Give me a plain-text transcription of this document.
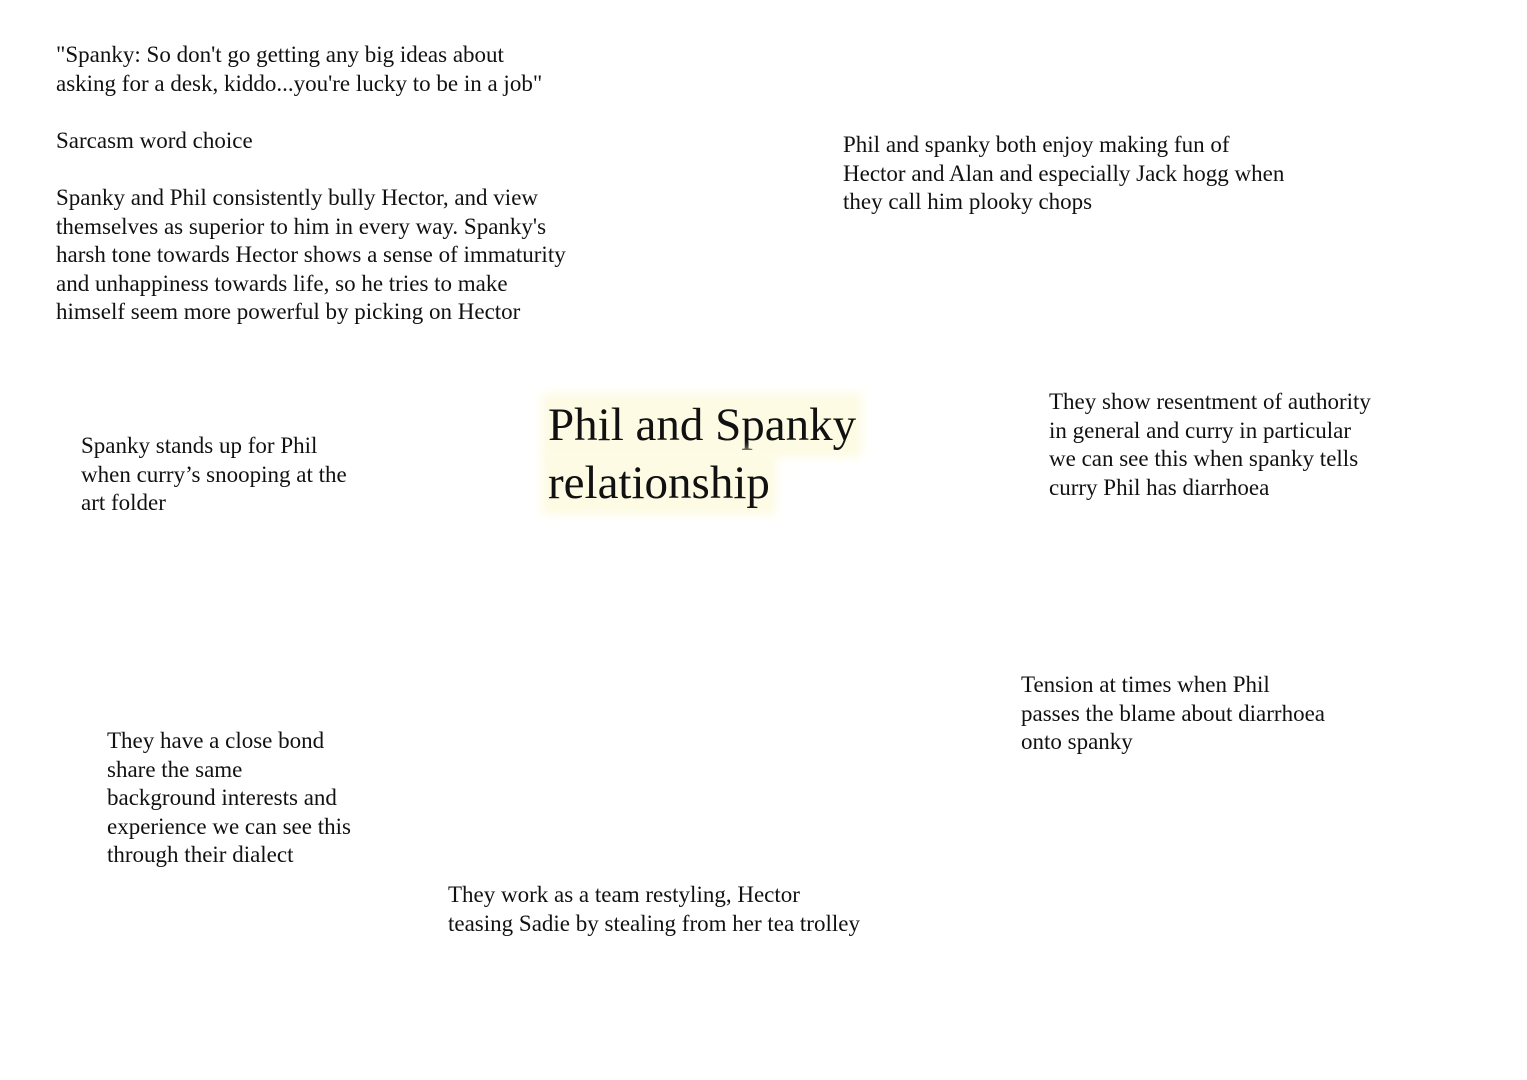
"Spanky: So don't go getting any big ideas about
asking for a desk, kiddo...you're lucky to be in a job"
Sarcasm word choice
Spanky and Phil consistently bully Hector, and view
themselves as superior to him in every way. Spanky's
harsh tone towards Hector shows a sense of immaturity
and unhappiness towards life, so he tries to make
himself seem more powerful by picking on Hector
Phil and spanky both enjoy making fun of
Hector and Alan and especially Jack hogg when
they call him plooky chops
Phil and Spanky
relationship
Spanky stands up for Phil
when curry’s snooping at the
art folder
They show resentment of authority
in general and curry in particular
we can see this when spanky tells
curry Phil has diarrhoea
Tension at times when Phil
passes the blame about diarrhoea
onto spanky
They have a close bond
share the same
background interests and
experience we can see this
through their dialect
They work as a team restyling, Hector
teasing Sadie by stealing from her tea trolley
